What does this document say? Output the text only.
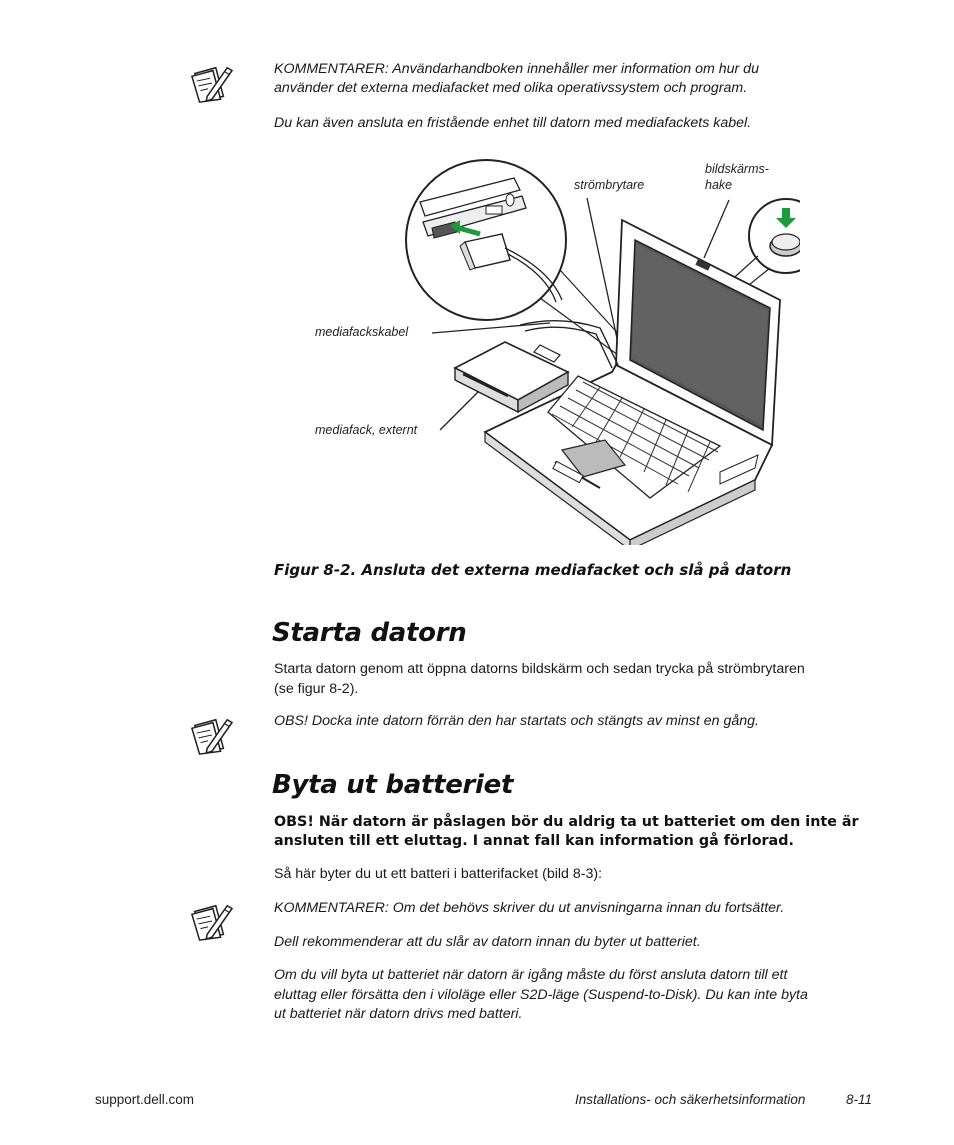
KOMMENTARER: Användarhandboken innehåller mer information om hur du
använder det externa mediafacket med olika operativssystem och program.
Du kan även ansluta en fristående enhet till datorn med mediafackets kabel.
strömbrytare
bildskärms-
hake
mediafackskabel
mediafack, externt
Figur 8-2. Ansluta det externa mediafacket och slå på datorn
Starta datorn
Starta datorn genom att öppna datorns bildskärm och sedan trycka på strömbrytaren
(se figur 8-2).
OBS! Docka inte datorn förrän den har startats och stängts av minst en gång.
Byta ut batteriet
OBS! När datorn är påslagen bör du aldrig ta ut batteriet om den inte är
ansluten till ett eluttag. I annat fall kan information gå förlorad.
Så här byter du ut ett batteri i batterifacket (bild 8-3):
KOMMENTARER: Om det behövs skriver du ut anvisningarna innan du fortsätter.
Dell rekommenderar att du slår av datorn innan du byter ut batteriet.
Om du vill byta ut batteriet när datorn är igång måste du först ansluta datorn till ett
eluttag eller försätta den i viloläge eller S2D-läge (Suspend-to-Disk). Du kan inte byta
ut batteriet när datorn drivs med batteri.
support.dell.com	Installations- och säkerhetsinformation	8-11
